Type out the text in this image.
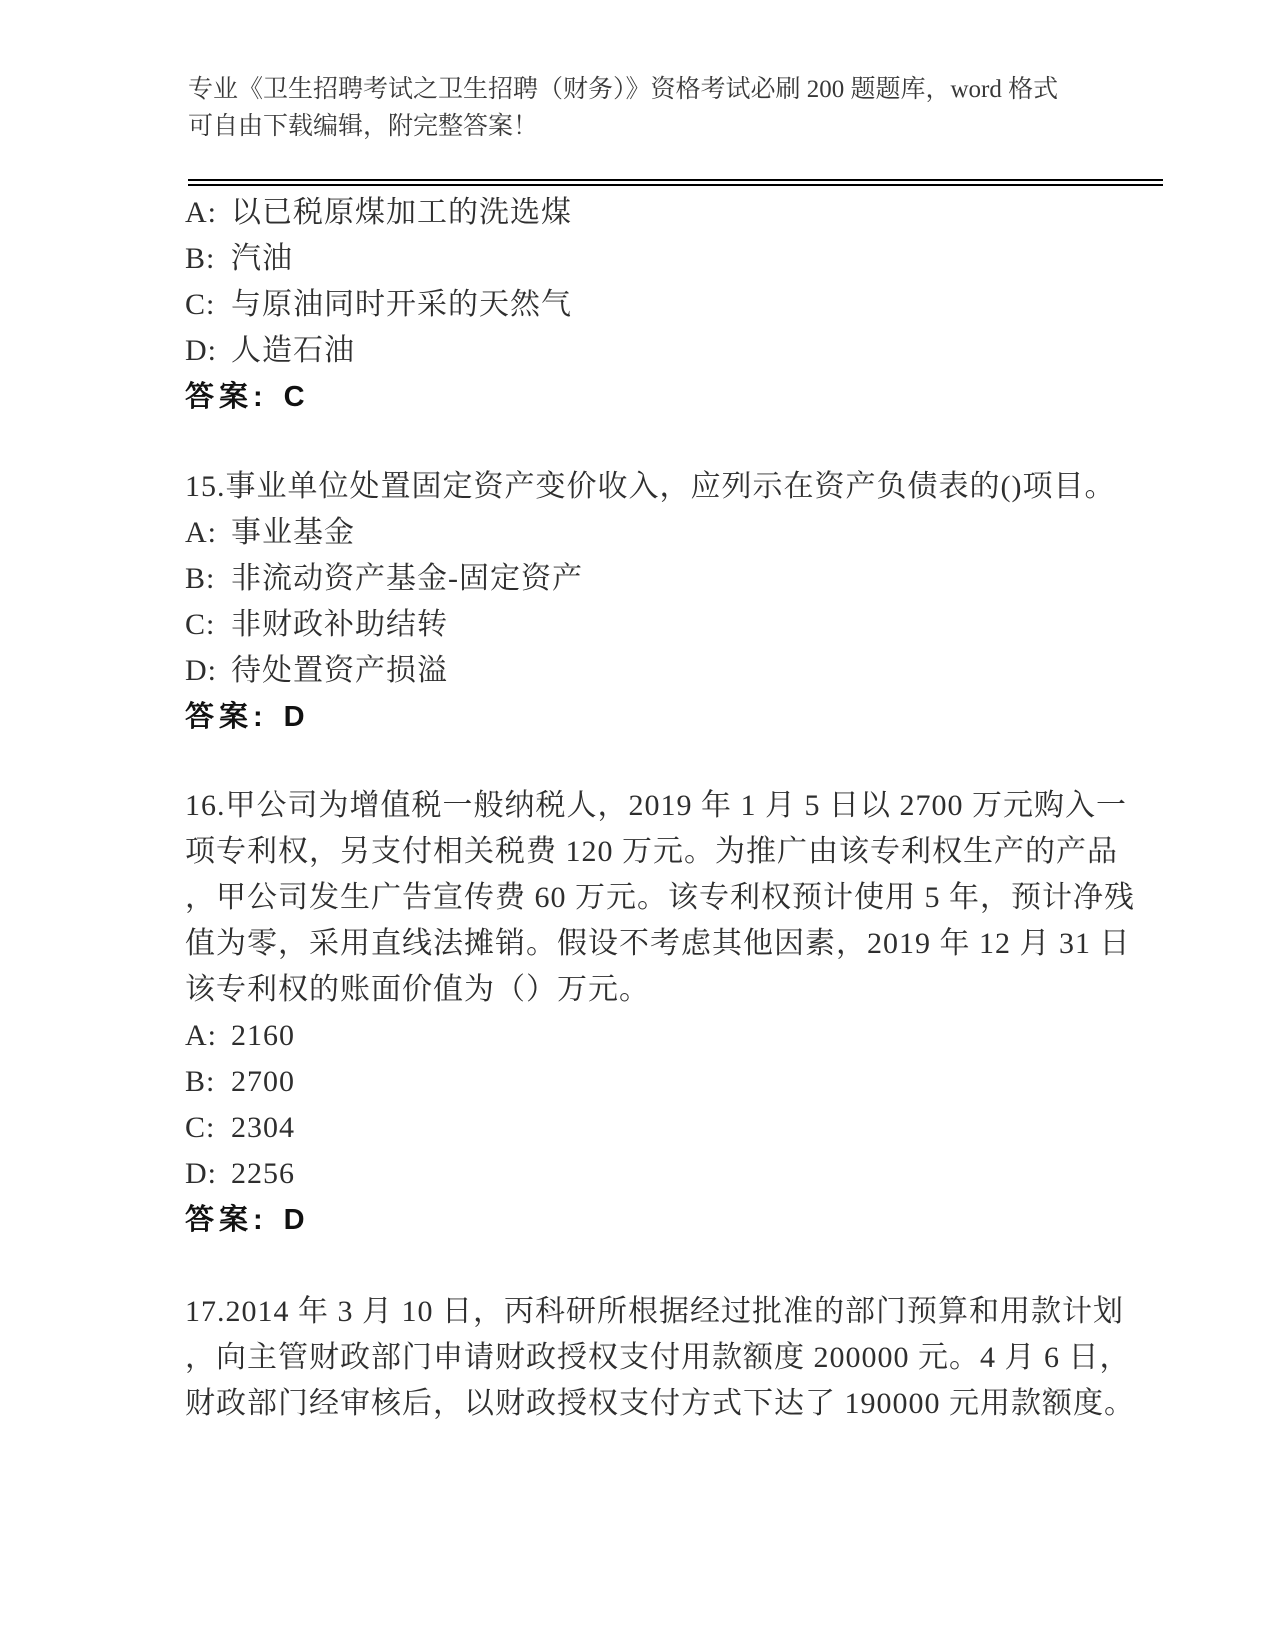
专业《卫生招聘考试之卫生招聘（财务）》资格考试必刷 200 题题库，word 格式
可自由下载编辑，附完整答案！
A: 以已税原煤加工的洗选煤
B: 汽油
C: 与原油同时开采的天然气
D: 人造石油
答案: C
15.事业单位处置固定资产变价收入，应列示在资产负债表的()项目。
A: 事业基金
B: 非流动资产基金-固定资产
C: 非财政补助结转
D: 待处置资产损溢
答案: D
16.甲公司为增值税一般纳税人，2019 年 1 月 5 日以 2700 万元购入一
项专利权，另支付相关税费 120 万元。为推广由该专利权生产的产品
，甲公司发生广告宣传费 60 万元。该专利权预计使用 5 年，预计净残
值为零，采用直线法摊销。假设不考虑其他因素，2019 年 12 月 31 日
该专利权的账面价值为（）万元。
A: 2160
B: 2700
C: 2304
D: 2256
答案: D
17.2014 年 3 月 10 日，丙科研所根据经过批准的部门预算和用款计划
，向主管财政部门申请财政授权支付用款额度 200000 元。4 月 6 日，
财政部门经审核后，以财政授权支付方式下达了 190000 元用款额度。
